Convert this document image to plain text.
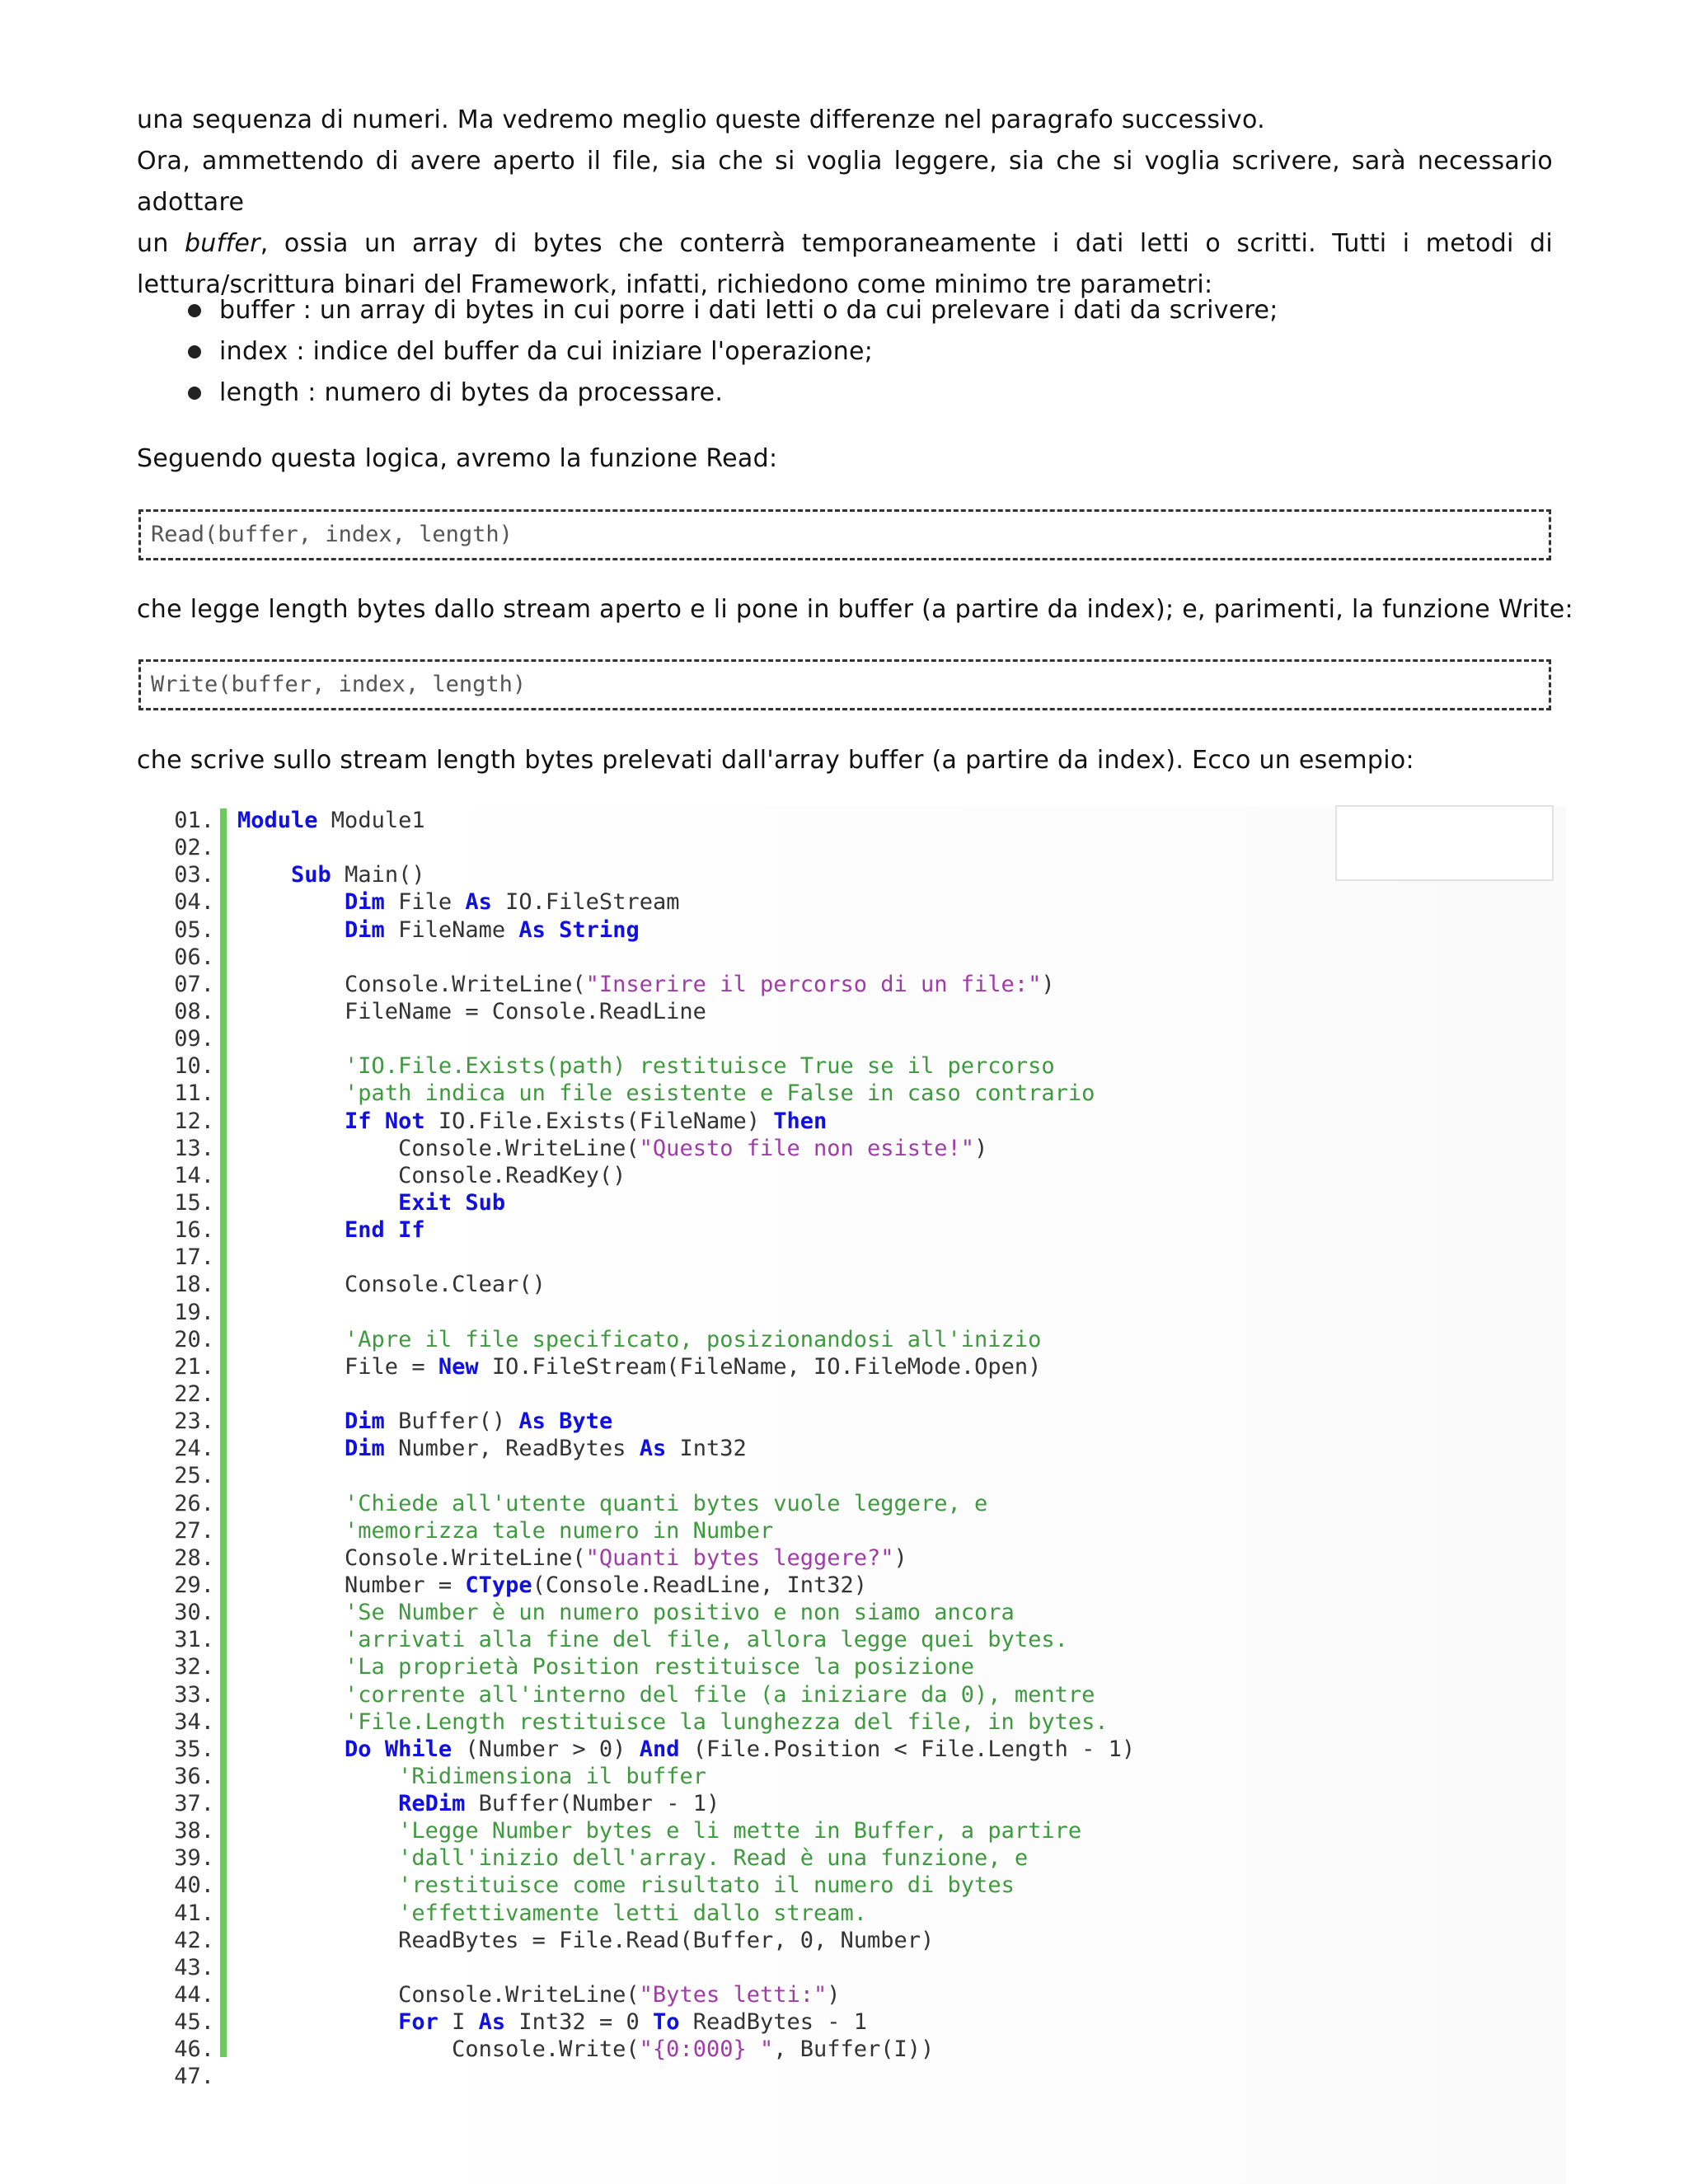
una sequenza di numeri. Ma vedremo meglio queste differenze nel paragrafo successivo.
Ora, ammettendo di avere aperto il file, sia che si voglia leggere, sia che si voglia scrivere, sarà necessario adottare
un buffer, ossia un array di bytes che conterrà temporaneamente i dati letti o scritti. Tutti i metodi di
lettura/scrittura binari del Framework, infatti, richiedono come minimo tre parametri:
buffer : un array di bytes in cui porre i dati letti o da cui prelevare i dati da scrivere;
index : indice del buffer da cui iniziare l'operazione;
length : numero di bytes da processare.
Seguendo questa logica, avremo la funzione Read:
Read(buffer, index, length)
che legge length bytes dallo stream aperto e li pone in buffer (a partire da index); e, parimenti, la funzione Write:
Write(buffer, index, length)
che scrive sullo stream length bytes prelevati dall'array buffer (a partire da index). Ecco un esempio:
01.
02.
03.
04.
05.
06.
07.
08.
09.
10.
11.
12.
13.
14.
15.
16.
17.
18.
19.
20.
21.
22.
23.
24.
25.
26.
27.
28.
29.
30.
31.
32.
33.
34.
35.
36.
37.
38.
39.
40.
41.
42.
43.
44.
45.
46.
47.
Module Module1
Sub Main()
Dim File As IO.FileStream
Dim FileName As String
Console.WriteLine("Inserire il percorso di un file:")
FileName = Console.ReadLine
'IO.File.Exists(path) restituisce True se il percorso
'path indica un file esistente e False in caso contrario
If Not IO.File.Exists(FileName) Then
Console.WriteLine("Questo file non esiste!")
Console.ReadKey()
Exit Sub
End If
Console.Clear()
'Apre il file specificato, posizionandosi all'inizio
File = New IO.FileStream(FileName, IO.FileMode.Open)
Dim Buffer() As Byte
Dim Number, ReadBytes As Int32
'Chiede all'utente quanti bytes vuole leggere, e
'memorizza tale numero in Number
Console.WriteLine("Quanti bytes leggere?")
Number = CType(Console.ReadLine, Int32)
'Se Number è un numero positivo e non siamo ancora
'arrivati alla fine del file, allora legge quei bytes.
'La proprietà Position restituisce la posizione
'corrente all'interno del file (a iniziare da 0), mentre
'File.Length restituisce la lunghezza del file, in bytes.
Do While (Number > 0) And (File.Position < File.Length - 1)
'Ridimensiona il buffer
ReDim Buffer(Number - 1)
'Legge Number bytes e li mette in Buffer, a partire
'dall'inizio dell'array. Read è una funzione, e
'restituisce come risultato il numero di bytes
'effettivamente letti dallo stream.
ReadBytes = File.Read(Buffer, 0, Number)
Console.WriteLine("Bytes letti:")
For I As Int32 = 0 To ReadBytes - 1
Console.Write("{0:000} ", Buffer(I))
